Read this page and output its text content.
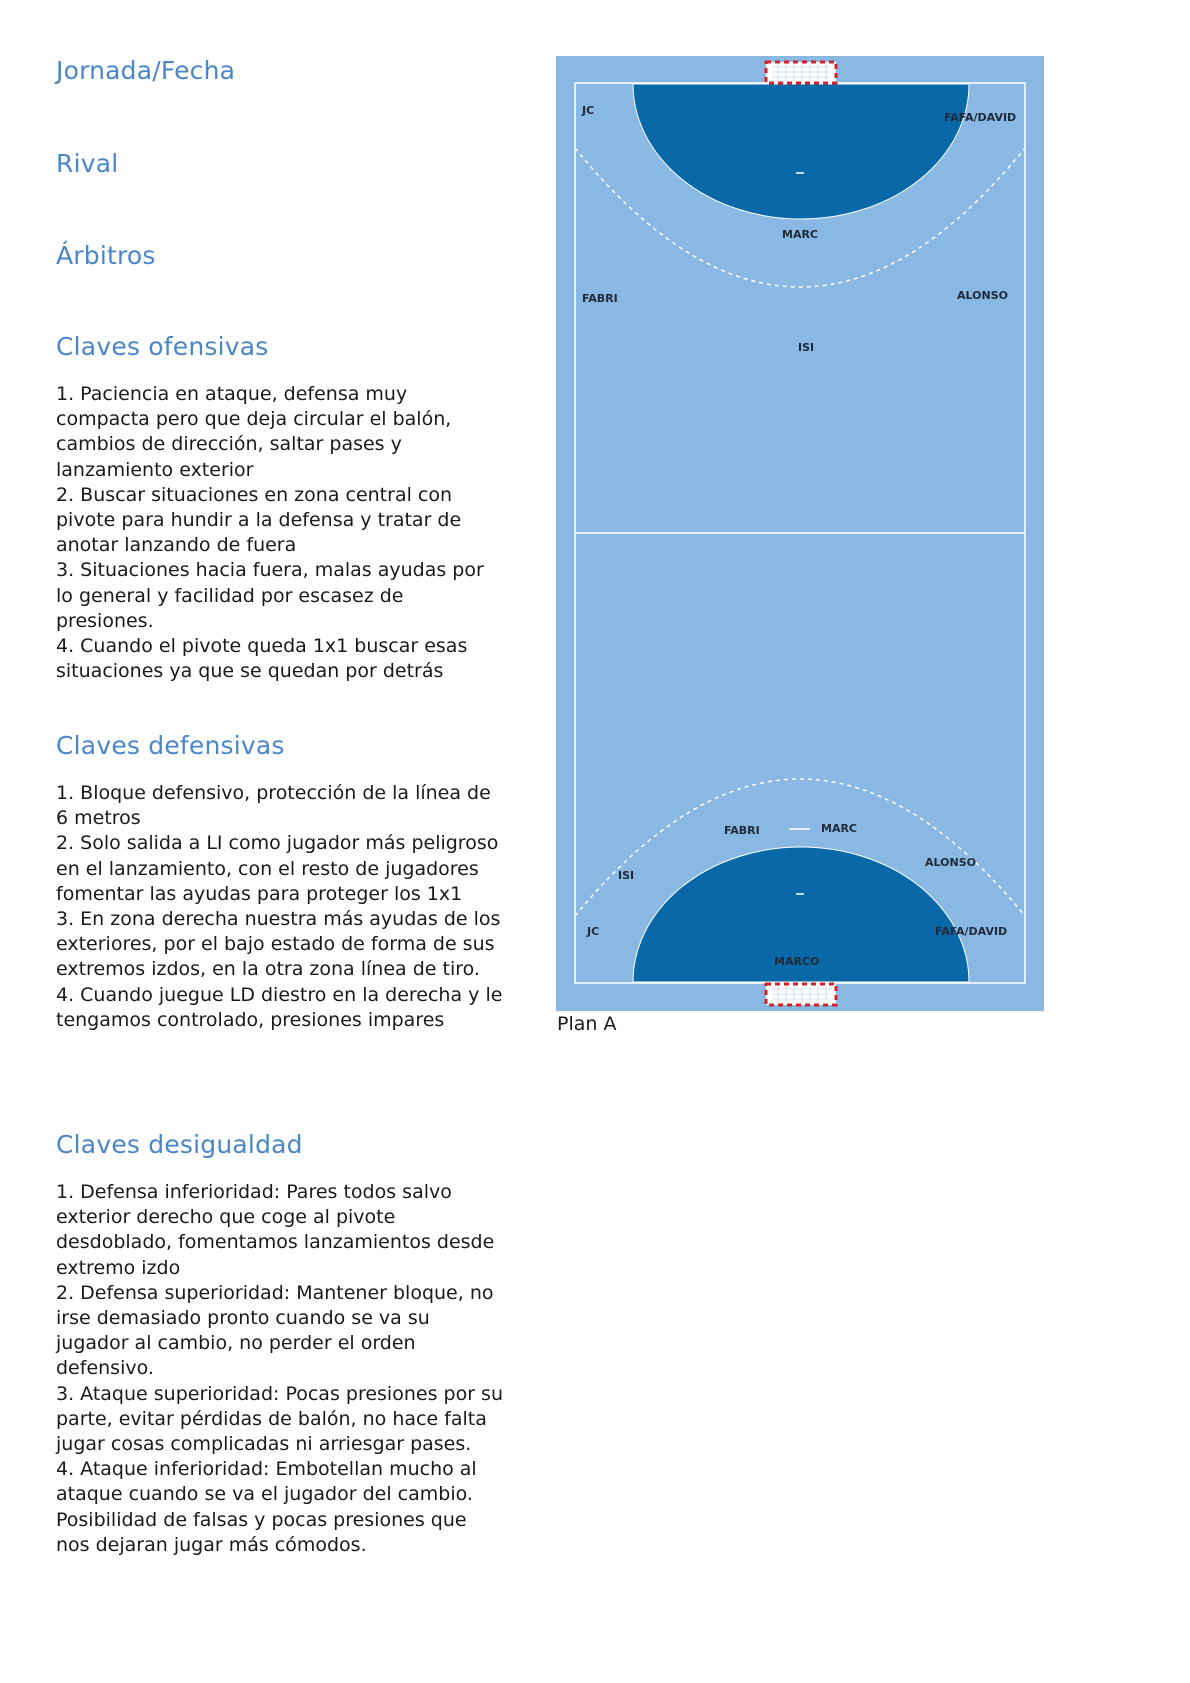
Jornada/Fecha
Rival
Árbitros
Claves ofensivas

1. Paciencia en ataque, defensa muy compacta pero que deja circular el balón, cambios de dirección, saltar pases y lanzamiento exterior

2. Buscar situaciones en zona central con pivote para hundir a la defensa y tratar de anotar lanzando de fuera

3. Situaciones hacia fuera, malas ayudas por lo general y facilidad por escasez de presiones.

4. Cuando el pivote queda 1x1 buscar esas situaciones ya que se quedan por detrás

Claves defensivas

1. Bloque defensivo, protección de la línea de 6 metros

2. Solo salida a LI como jugador más peligroso en el lanzamiento, con el resto de jugadores fomentar las ayudas para proteger los 1x1

3. En zona derecha nuestra más ayudas de los exteriores, por el bajo estado de forma de sus extremos izdos, en la otra zona línea de tiro.

4. Cuando juegue LD diestro en la derecha y le tengamos controlado, presiones impares

Claves desigualdad

1. Defensa inferioridad: Pares todos salvo exterior derecho que coge al pivote desdoblado, fomentamos lanzamientos desde extremo izdo

2. Defensa superioridad: Mantener bloque, no irse demasiado pronto cuando se va su jugador al cambio, no perder el orden defensivo.

3. Ataque superioridad: Pocas presiones por su parte, evitar pérdidas de balón, no hace falta jugar cosas complicadas ni arriesgar pases.

4. Ataque inferioridad: Embotellan mucho al ataque cuando se va el jugador del cambio. Posibilidad de falsas y pocas presiones que nos dejaran jugar más cómodos.

JC
FAFA/DAVID
MARC
FABRI	ALONSO
ISI
FABRI	MARC
ISI
ALONSO
JC	FAFA/DAVID
MARCO
Plan A
